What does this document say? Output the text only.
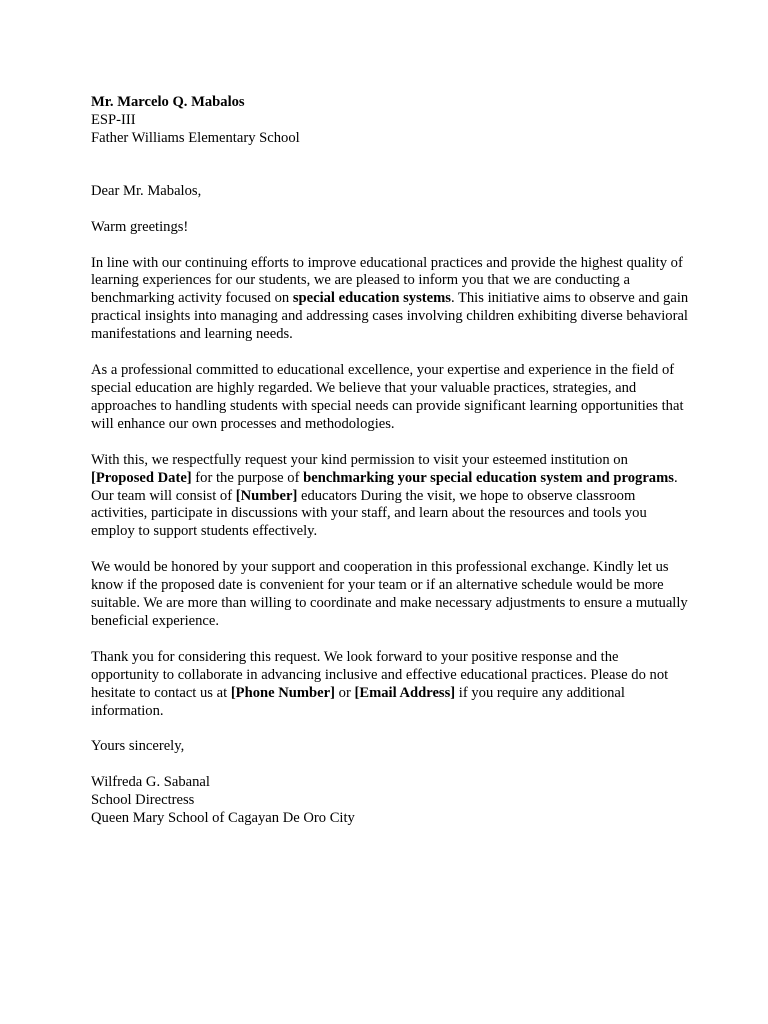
Mr. Marcelo Q. Mabalos
ESP-III
Father Williams Elementary School
Dear Mr. Mabalos,

Warm greetings!

In line with our continuing efforts to improve educational practices and provide the highest quality of learning experiences for our students, we are pleased to inform you that we are conducting a benchmarking activity focused on special education systems. This initiative aims to observe and gain practical insights into managing and addressing cases involving children exhibiting diverse behavioral manifestations and learning needs.

As a professional committed to educational excellence, your expertise and experience in the field of special education are highly regarded. We believe that your valuable practices, strategies, and approaches to handling students with special needs can provide significant learning opportunities that will enhance our own processes and methodologies.

With this, we respectfully request your kind permission to visit your esteemed institution on [Proposed Date] for the purpose of benchmarking your special education system and programs. Our team will consist of [Number] educators During the visit, we hope to observe classroom activities, participate in discussions with your staff, and learn about the resources and tools you employ to support students effectively.

We would be honored by your support and cooperation in this professional exchange. Kindly let us know if the proposed date is convenient for your team or if an alternative schedule would be more suitable. We are more than willing to coordinate and make necessary adjustments to ensure a mutually beneficial experience.

Thank you for considering this request. We look forward to your positive response and the opportunity to collaborate in advancing inclusive and effective educational practices. Please do not hesitate to contact us at [Phone Number] or [Email Address] if you require any additional information.

Yours sincerely,
Wilfreda G. Sabanal
School Directress
Queen Mary School of Cagayan De Oro City
